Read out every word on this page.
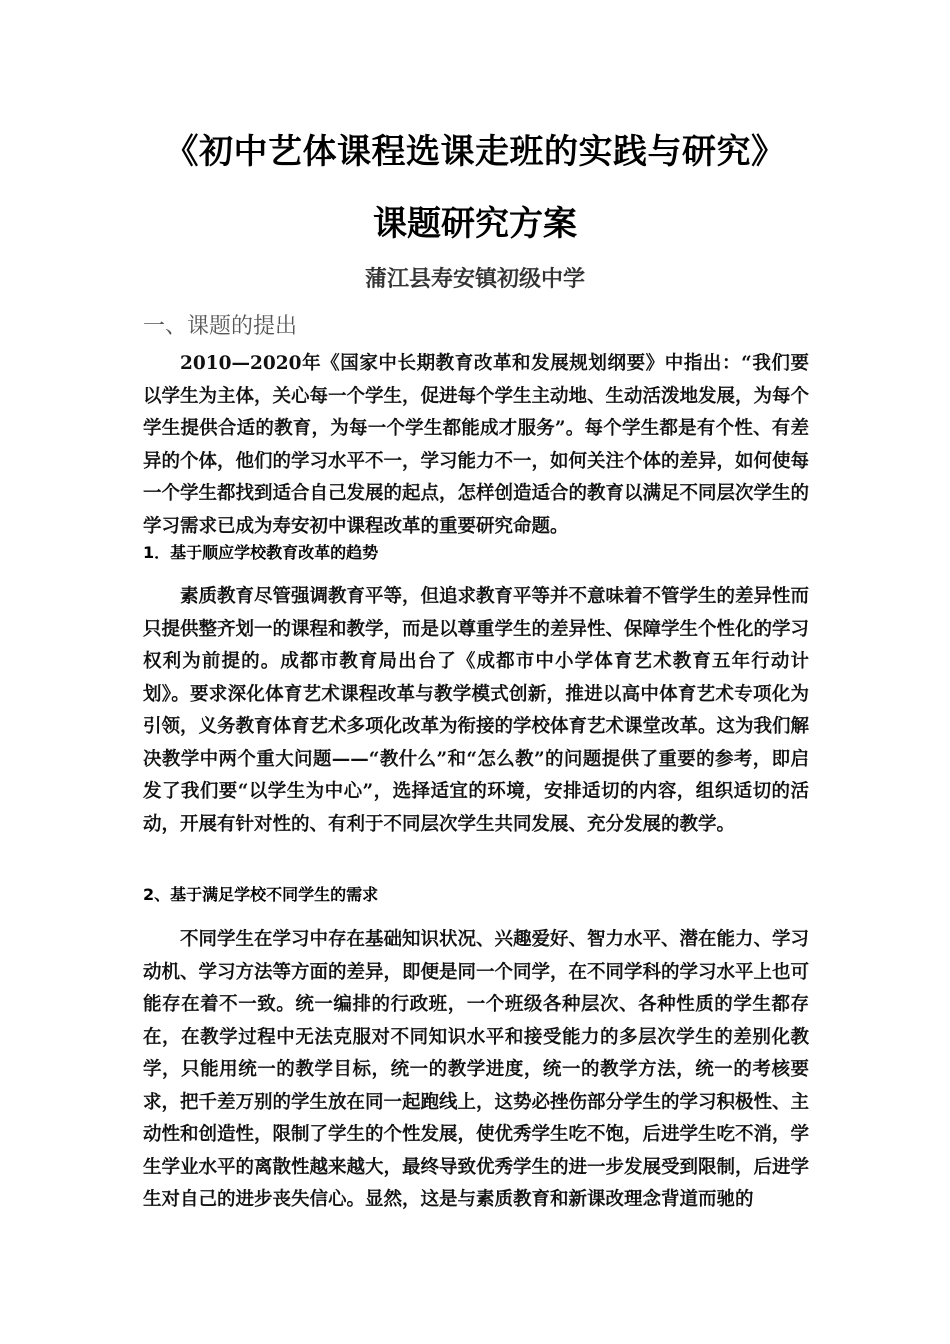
《初中艺体课程选课走班的实践与研究》
课题研究方案
蒲江县寿安镇初级中学
一、课题的提出
2010—2020年《国家中长期教育改革和发展规划纲要》中指出：“我们要以学生为主体，关心每一个学生，促进每个学生主动地、生动活泼地发展，为每个学生提供合适的教育，为每一个学生都能成才服务”。每个学生都是有个性、有差异的个体，他们的学习水平不一，学习能力不一，如何关注个体的差异，如何使每一个学生都找到适合自己发展的起点，怎样创造适合的教育以满足不同层次学生的学习需求已成为寿安初中课程改革的重要研究命题。
1．基于顺应学校教育改革的趋势
素质教育尽管强调教育平等，但追求教育平等并不意味着不管学生的差异性而只提供整齐划一的课程和教学，而是以尊重学生的差异性、保障学生个性化的学习权利为前提的。成都市教育局出台了《成都市中小学体育艺术教育五年行动计划》。要求深化体育艺术课程改革与教学模式创新，推进以高中体育艺术专项化为引领，义务教育体育艺术多项化改革为衔接的学校体育艺术课堂改革。这为我们解决教学中两个重大问题——“教什么”和“怎么教”的问题提供了重要的参考，即启发了我们要“以学生为中心”，选择适宜的环境，安排适切的内容，组织适切的活动，开展有针对性的、有利于不同层次学生共同发展、充分发展的教学。
2、基于满足学校不同学生的需求
不同学生在学习中存在基础知识状况、兴趣爱好、智力水平、潜在能力、学习动机、学习方法等方面的差异，即便是同一个同学，在不同学科的学习水平上也可能存在着不一致。统一编排的行政班，一个班级各种层次、各种性质的学生都存在，在教学过程中无法克服对不同知识水平和接受能力的多层次学生的差别化教学，只能用统一的教学目标，统一的教学进度，统一的教学方法，统一的考核要求，把千差万别的学生放在同一起跑线上，这势必挫伤部分学生的学习积极性、主动性和创造性，限制了学生的个性发展，使优秀学生吃不饱，后进学生吃不消，学生学业水平的离散性越来越大，最终导致优秀学生的进一步发展受到限制，后进学生对自己的进步丧失信心。显然，这是与素质教育和新课改理念背道而驰的
